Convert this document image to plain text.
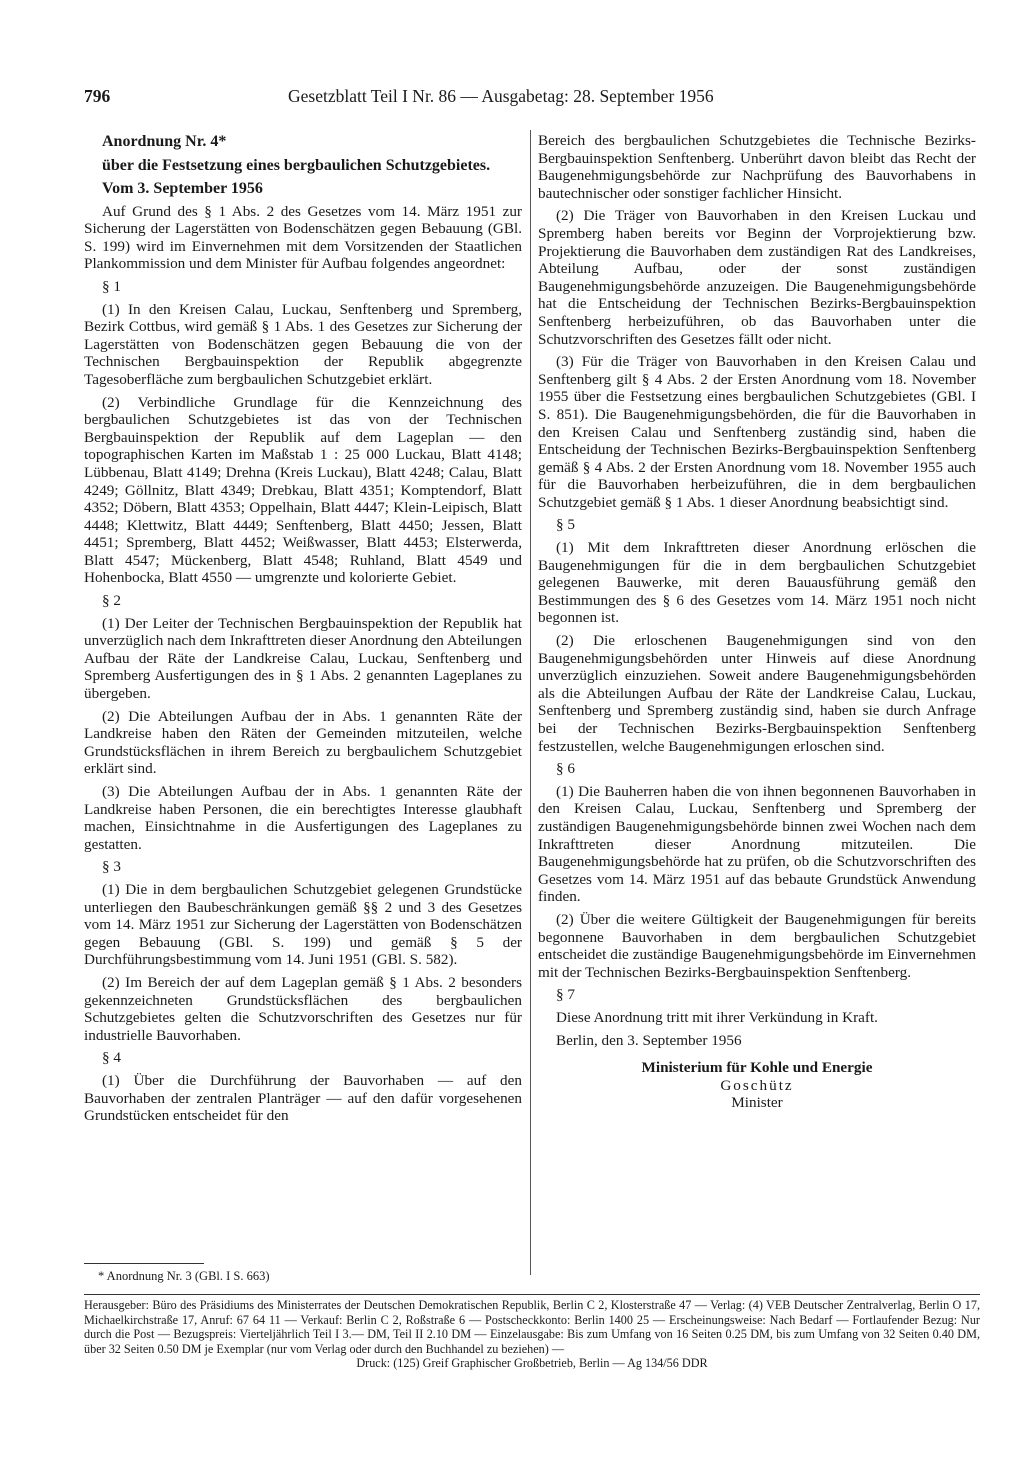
796	Gesetzblatt Teil I Nr. 86 — Ausgabetag: 28. September 1956

Anordnung Nr. 4*

über die Festsetzung eines bergbaulichen Schutzgebietes.

Vom 3. September 1956

Auf Grund des § 1 Abs. 2 des Gesetzes vom 14. März 1951 zur Sicherung der Lagerstätten von Bodenschätzen gegen Bebauung (GBl. S. 199) wird im Einvernehmen mit dem Vorsitzenden der Staatlichen Plankommission und dem Minister für Aufbau folgendes angeordnet:

§ 1

(1) In den Kreisen Calau, Luckau, Senftenberg und Spremberg, Bezirk Cottbus, wird gemäß § 1 Abs. 1 des Gesetzes zur Sicherung der Lagerstätten von Bodenschätzen gegen Bebauung die von der Technischen Bergbauinspektion der Republik abgegrenzte Tagesoberfläche zum bergbaulichen Schutzgebiet erklärt.

(2) Verbindliche Grundlage für die Kennzeichnung des bergbaulichen Schutzgebietes ist das von der Technischen Bergbauinspektion der Republik auf dem Lageplan — den topographischen Karten im Maßstab 1 : 25 000 Luckau, Blatt 4148; Lübbenau, Blatt 4149; Drehna (Kreis Luckau), Blatt 4248; Calau, Blatt 4249; Göllnitz, Blatt 4349; Drebkau, Blatt 4351; Komptendorf, Blatt 4352; Döbern, Blatt 4353; Oppelhain, Blatt 4447; Klein-Leipisch, Blatt 4448; Klettwitz, Blatt 4449; Senftenberg, Blatt 4450; Jessen, Blatt 4451; Spremberg, Blatt 4452; Weißwasser, Blatt 4453; Elsterwerda, Blatt 4547; Mückenberg, Blatt 4548; Ruhland, Blatt 4549 und Hohenbocka, Blatt 4550 — umgrenzte und kolorierte Gebiet.

§ 2

(1) Der Leiter der Technischen Bergbauinspektion der Republik hat unverzüglich nach dem Inkrafttreten dieser Anordnung den Abteilungen Aufbau der Räte der Landkreise Calau, Luckau, Senftenberg und Spremberg Ausfertigungen des in § 1 Abs. 2 genannten Lageplanes zu übergeben.

(2) Die Abteilungen Aufbau der in Abs. 1 genannten Räte der Landkreise haben den Räten der Gemeinden mitzuteilen, welche Grundstücksflächen in ihrem Bereich zu bergbaulichem Schutzgebiet erklärt sind.

(3) Die Abteilungen Aufbau der in Abs. 1 genannten Räte der Landkreise haben Personen, die ein berechtigtes Interesse glaubhaft machen, Einsichtnahme in die Ausfertigungen des Lageplanes zu gestatten.

§ 3

(1) Die in dem bergbaulichen Schutzgebiet gelegenen Grundstücke unterliegen den Baubeschränkungen gemäß §§ 2 und 3 des Gesetzes vom 14. März 1951 zur Sicherung der Lagerstätten von Bodenschätzen gegen Bebauung (GBl. S. 199) und gemäß § 5 der Durchführungsbestimmung vom 14. Juni 1951 (GBl. S. 582).

(2) Im Bereich der auf dem Lageplan gemäß § 1 Abs. 2 besonders gekennzeichneten Grundstücksflächen des bergbaulichen Schutzgebietes gelten die Schutzvorschriften des Gesetzes nur für industrielle Bauvorhaben.

§ 4

(1) Über die Durchführung der Bauvorhaben — auf den Bauvorhaben der zentralen Planträger — auf den dafür vorgesehenen Grundstücken entscheidet für den

Bereich des bergbaulichen Schutzgebietes die Technische Bezirks-Bergbauinspektion Senftenberg. Unberührt davon bleibt das Recht der Baugenehmigungsbehörde zur Nachprüfung des Bauvorhabens in bautechnischer oder sonstiger fachlicher Hinsicht.

(2) Die Träger von Bauvorhaben in den Kreisen Luckau und Spremberg haben bereits vor Beginn der Vorprojektierung bzw. Projektierung die Bauvorhaben dem zuständigen Rat des Landkreises, Abteilung Aufbau, oder der sonst zuständigen Baugenehmigungsbehörde anzuzeigen. Die Baugenehmigungsbehörde hat die Entscheidung der Technischen Bezirks-Bergbauinspektion Senftenberg herbeizuführen, ob das Bauvorhaben unter die Schutzvorschriften des Gesetzes fällt oder nicht.

(3) Für die Träger von Bauvorhaben in den Kreisen Calau und Senftenberg gilt § 4 Abs. 2 der Ersten Anordnung vom 18. November 1955 über die Festsetzung eines bergbaulichen Schutzgebietes (GBl. I S. 851). Die Baugenehmigungsbehörden, die für die Bauvorhaben in den Kreisen Calau und Senftenberg zuständig sind, haben die Entscheidung der Technischen Bezirks-Bergbauinspektion Senftenberg gemäß § 4 Abs. 2 der Ersten Anordnung vom 18. November 1955 auch für die Bauvorhaben herbeizuführen, die in dem bergbaulichen Schutzgebiet gemäß § 1 Abs. 1 dieser Anordnung beabsichtigt sind.

§ 5

(1) Mit dem Inkrafttreten dieser Anordnung erlöschen die Baugenehmigungen für die in dem bergbaulichen Schutzgebiet gelegenen Bauwerke, mit deren Bauausführung gemäß den Bestimmungen des § 6 des Gesetzes vom 14. März 1951 noch nicht begonnen ist.

(2) Die erloschenen Baugenehmigungen sind von den Baugenehmigungsbehörden unter Hinweis auf diese Anordnung unverzüglich einzuziehen. Soweit andere Baugenehmigungsbehörden als die Abteilungen Aufbau der Räte der Landkreise Calau, Luckau, Senftenberg und Spremberg zuständig sind, haben sie durch Anfrage bei der Technischen Bezirks-Bergbauinspektion Senftenberg festzustellen, welche Baugenehmigungen erloschen sind.

§ 6

(1) Die Bauherren haben die von ihnen begonnenen Bauvorhaben in den Kreisen Calau, Luckau, Senftenberg und Spremberg der zuständigen Baugenehmigungsbehörde binnen zwei Wochen nach dem Inkrafttreten dieser Anordnung mitzuteilen. Die Baugenehmigungsbehörde hat zu prüfen, ob die Schutzvorschriften des Gesetzes vom 14. März 1951 auf das bebaute Grundstück Anwendung finden.

(2) Über die weitere Gültigkeit der Baugenehmigungen für bereits begonnene Bauvorhaben in dem bergbaulichen Schutzgebiet entscheidet die zuständige Baugenehmigungsbehörde im Einvernehmen mit der Technischen Bezirks-Bergbauinspektion Senftenberg.

§ 7

Diese Anordnung tritt mit ihrer Verkündung in Kraft.

Berlin, den 3. September 1956

Ministerium für Kohle und Energie
Goschütz
Minister
* Anordnung Nr. 3 (GBl. I S. 663)
Herausgeber: Büro des Präsidiums des Ministerrates der Deutschen Demokratischen Republik, Berlin C 2, Klosterstraße 47 — Verlag: (4) VEB Deutscher Zentralverlag, Berlin O 17, Michaelkirchstraße 17, Anruf: 67 64 11 — Verkauf: Berlin C 2, Roßstraße 6 — Postscheckkonto: Berlin 1400 25 — Erscheinungsweise: Nach Bedarf — Fortlaufender Bezug: Nur durch die Post — Bezugspreis: Vierteljährlich Teil I 3.— DM, Teil II 2.10 DM — Einzelausgabe: Bis zum Umfang von 16 Seiten 0.25 DM, bis zum Umfang von 32 Seiten 0.40 DM, über 32 Seiten 0.50 DM je Exemplar (nur vom Verlag oder durch den Buchhandel zu beziehen) —
Druck: (125) Greif Graphischer Großbetrieb, Berlin — Ag 134/56 DDR
